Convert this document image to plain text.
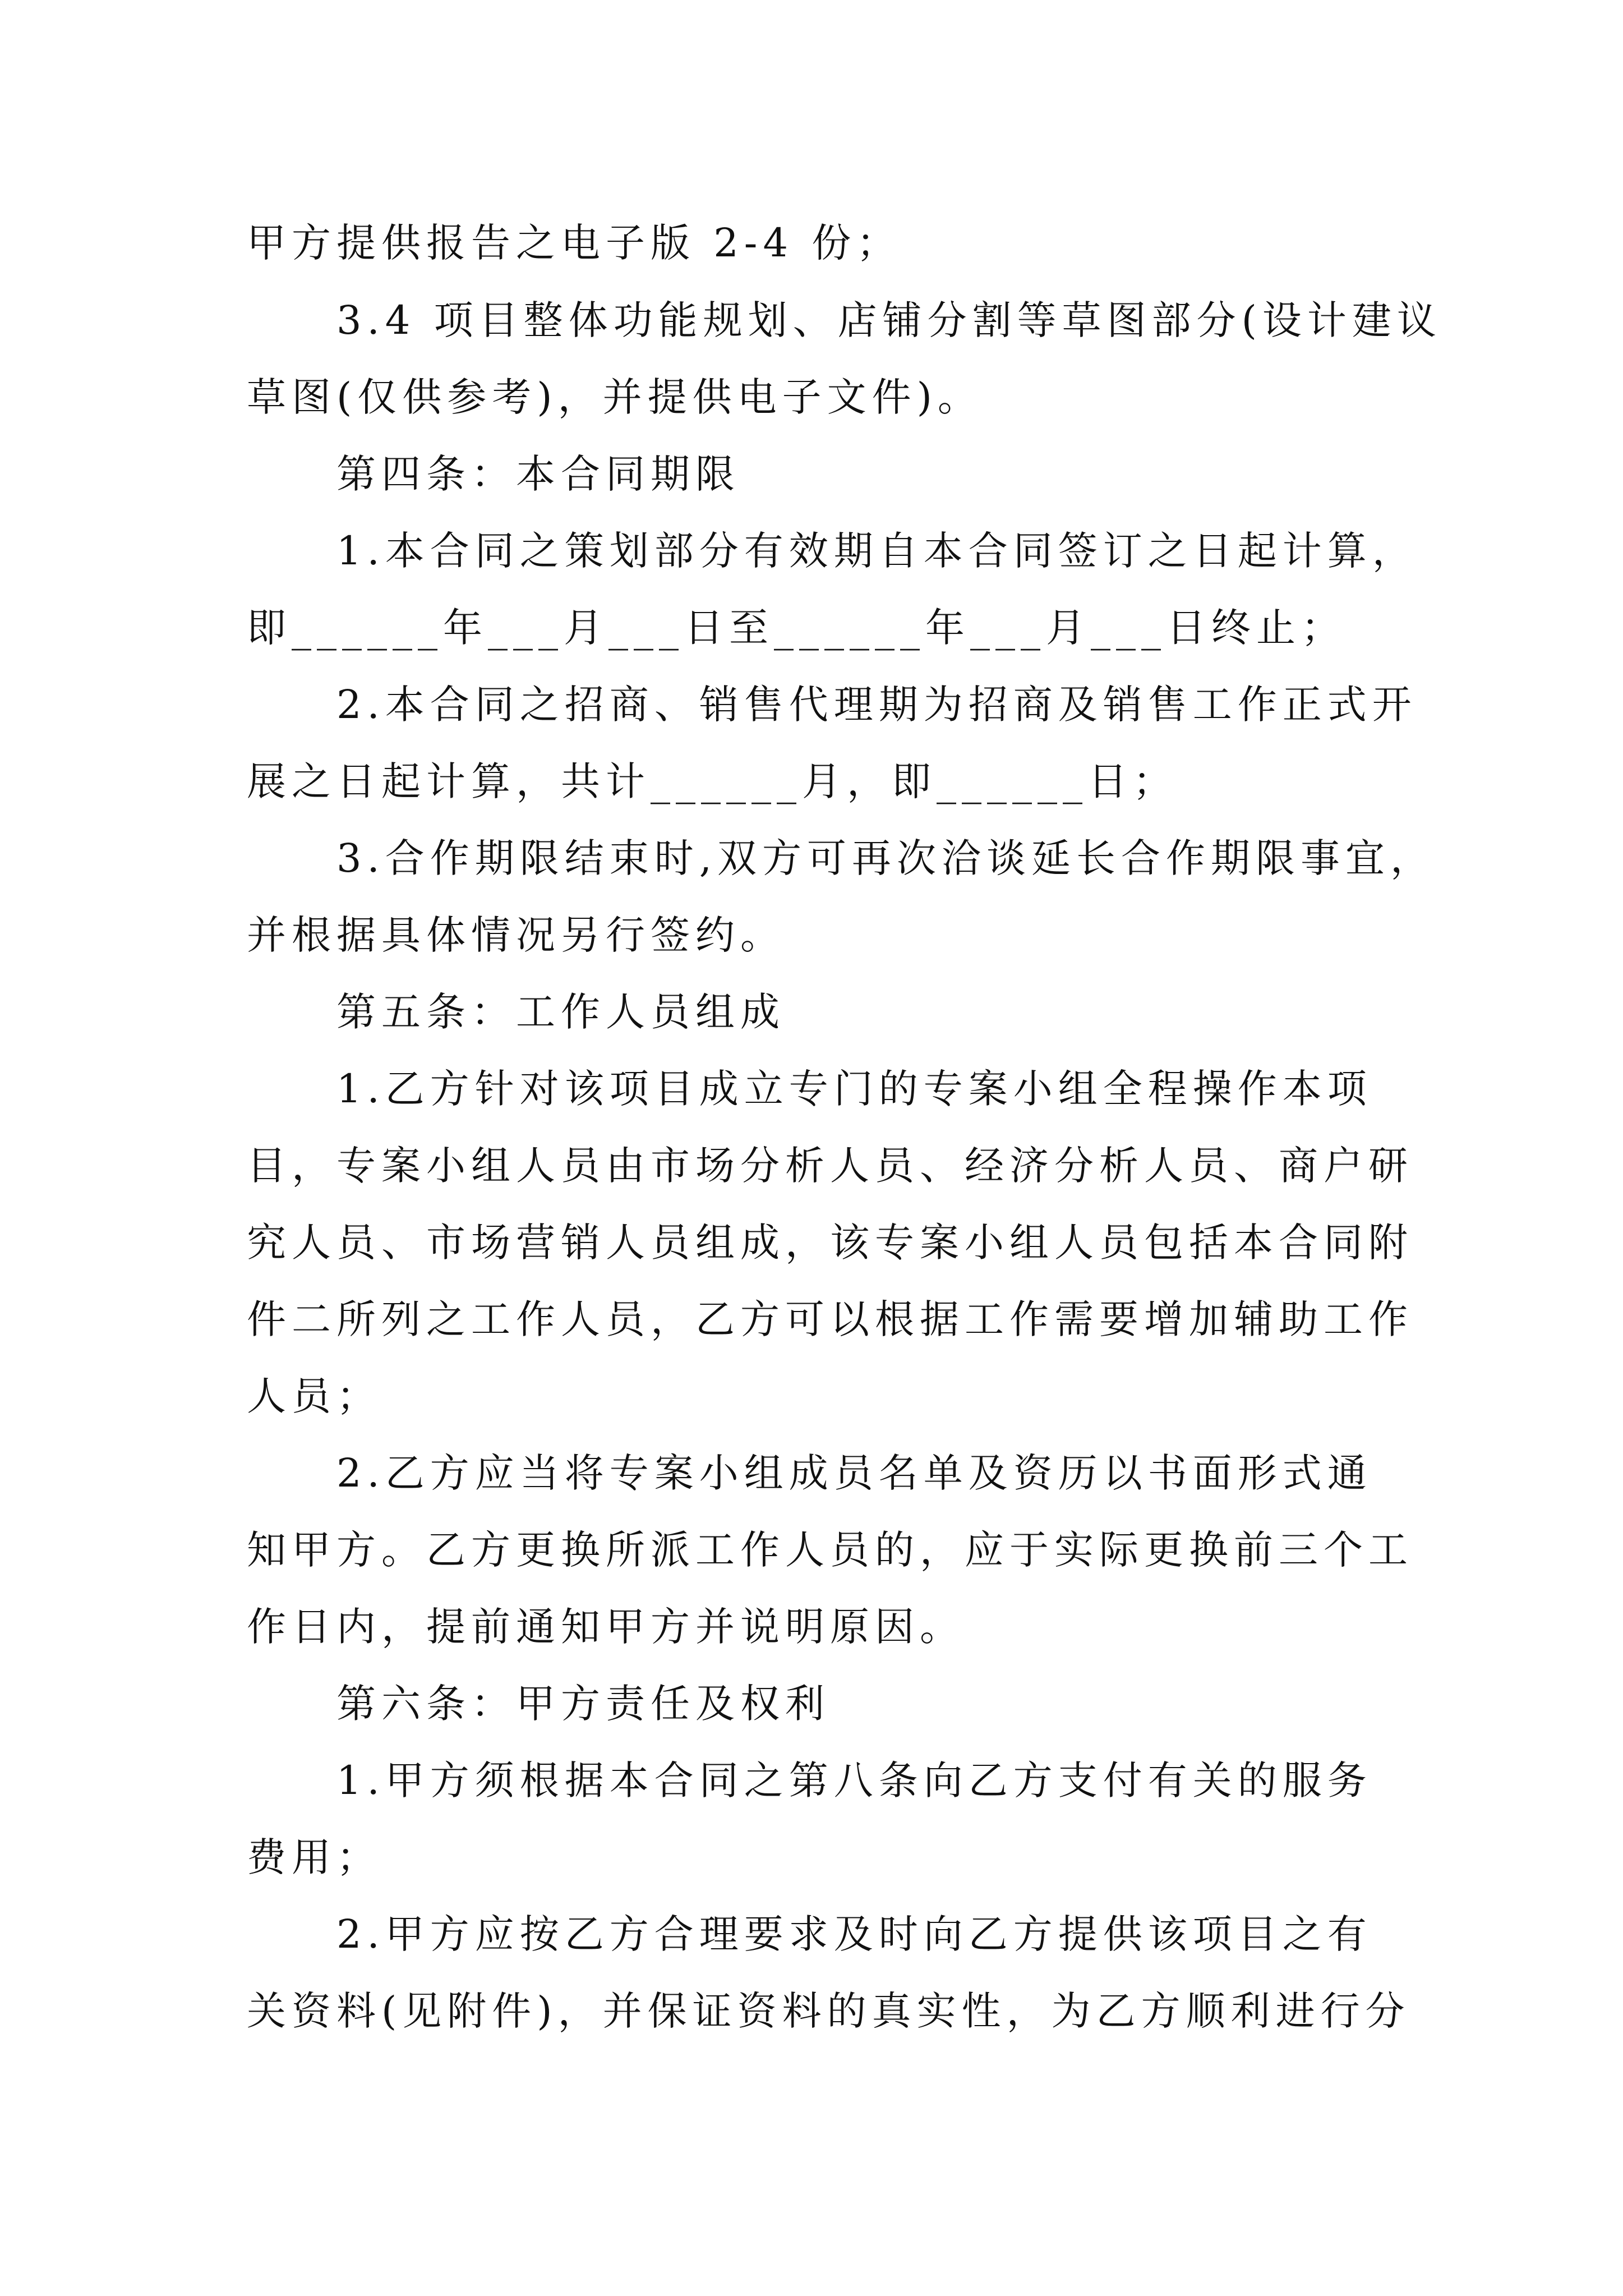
甲方提供报告之电子版 2-4 份；
3.4 项目整体功能规划、店铺分割等草图部分(设计建议
草图(仅供参考)，并提供电子文件)。
第四条：本合同期限
1.本合同之策划部分有效期自本合同签订之日起计算，
即______年___月___日至______年___月___日终止；
2.本合同之招商、销售代理期为招商及销售工作正式开
展之日起计算，共计______月，即______日；
3.合作期限结束时,双方可再次洽谈延长合作期限事宜，
并根据具体情况另行签约。
第五条：工作人员组成
1.乙方针对该项目成立专门的专案小组全程操作本项
目，专案小组人员由市场分析人员、经济分析人员、商户研
究人员、市场营销人员组成，该专案小组人员包括本合同附
件二所列之工作人员，乙方可以根据工作需要增加辅助工作
人员；
2.乙方应当将专案小组成员名单及资历以书面形式通
知甲方。乙方更换所派工作人员的，应于实际更换前三个工
作日内，提前通知甲方并说明原因。
第六条：甲方责任及权利
1.甲方须根据本合同之第八条向乙方支付有关的服务
费用；
2.甲方应按乙方合理要求及时向乙方提供该项目之有
关资料(见附件)，并保证资料的真实性，为乙方顺利进行分
